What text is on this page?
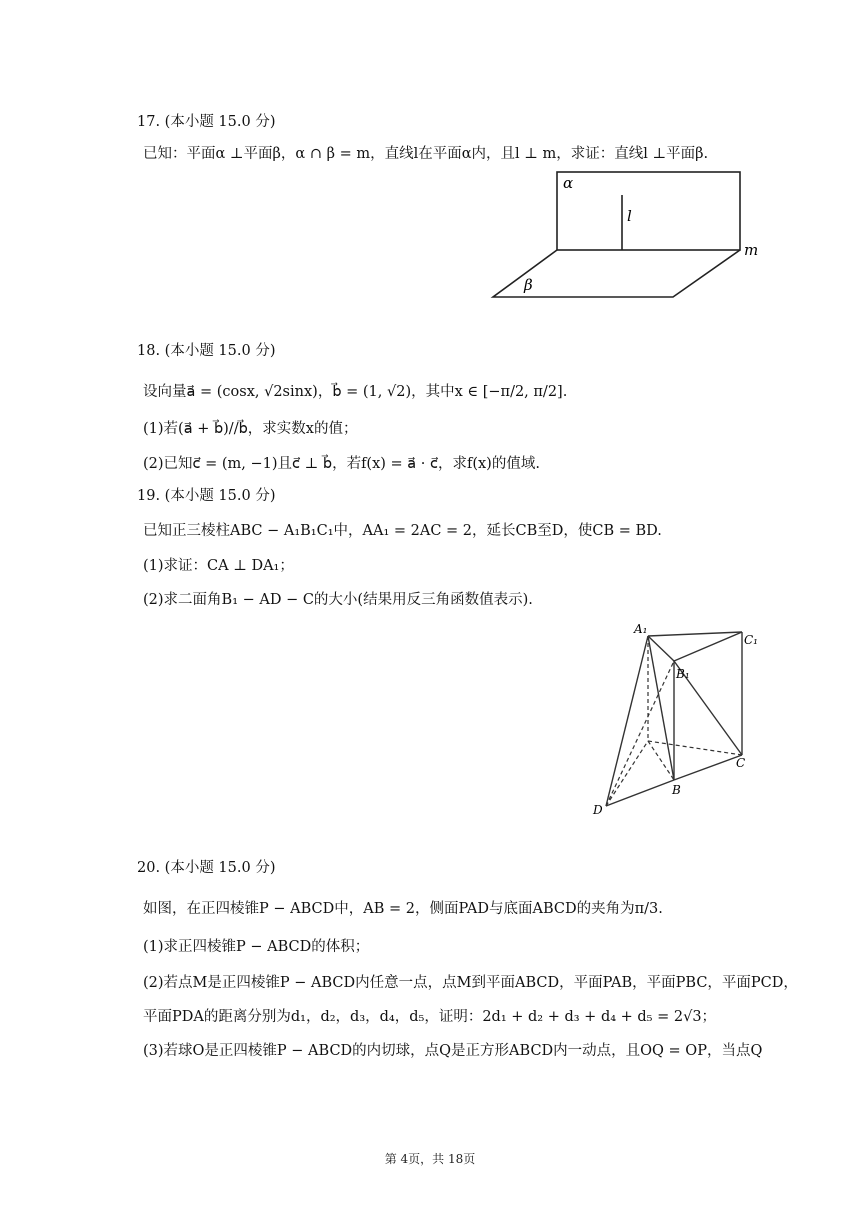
17. (本小题 15.0 分)
已知：平面α ⊥平面β，α ∩ β = m，直线l在平面α内，且l ⊥ m，求证：直线l ⊥平面β.
α
l
m
β
18. (本小题 15.0 分)
设向量a⃗ = (cosx, √2sinx)，b⃗ = (1, √2)，其中x ∈ [−π/2, π/2].
(1)若(a⃗ + b⃗)//b⃗，求实数x的值；
(2)已知c⃗ = (m, −1)且c⃗ ⊥ b⃗，若f(x) = a⃗ · c⃗，求f(x)的值域.
19. (本小题 15.0 分)
已知正三棱柱ABC − A₁B₁C₁中，AA₁ = 2AC = 2，延长CB至D，使CB = BD.
(1)求证：CA ⊥ DA₁；
(2)求二面角B₁ − AD − C的大小(结果用反三角函数值表示).
A₁
C₁
B₁
C
B
D
20. (本小题 15.0 分)
如图，在正四棱锥P − ABCD中，AB = 2，侧面PAD与底面ABCD的夹角为π/3.
(1)求正四棱锥P − ABCD的体积；
(2)若点M是正四棱锥P − ABCD内任意一点，点M到平面ABCD，平面PAB，平面PBC，平面PCD，
平面PDA的距离分别为d₁，d₂，d₃，d₄，d₅，证明：2d₁ + d₂ + d₃ + d₄ + d₅ = 2√3；
(3)若球O是正四棱锥P − ABCD的内切球，点Q是正方形ABCD内一动点，且OQ = OP，当点Q
第 4页，共 18页
